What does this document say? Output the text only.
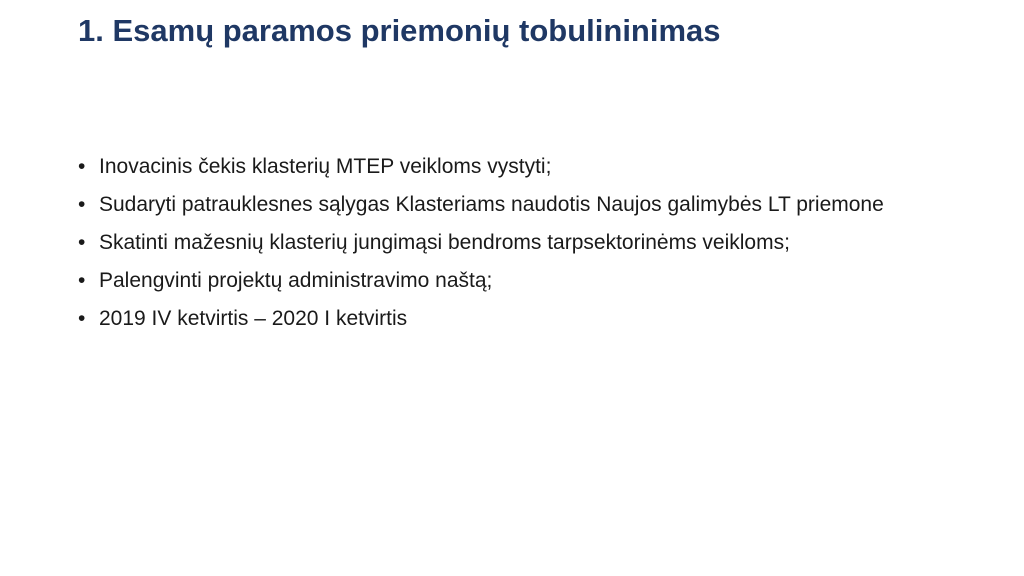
1. Esamų paramos priemonių tobulininimas
• Inovacinis čekis klasterių MTEP veikloms vystyti;
• Sudaryti patrauklesnes sąlygas Klasteriams naudotis Naujos galimybės LT priemone
• Skatinti mažesnių klasterių jungimąsi bendroms tarpsektorinėms veikloms;
• Palengvinti projektų administravimo naštą;
• 2019 IV ketvirtis – 2020 I ketvirtis
